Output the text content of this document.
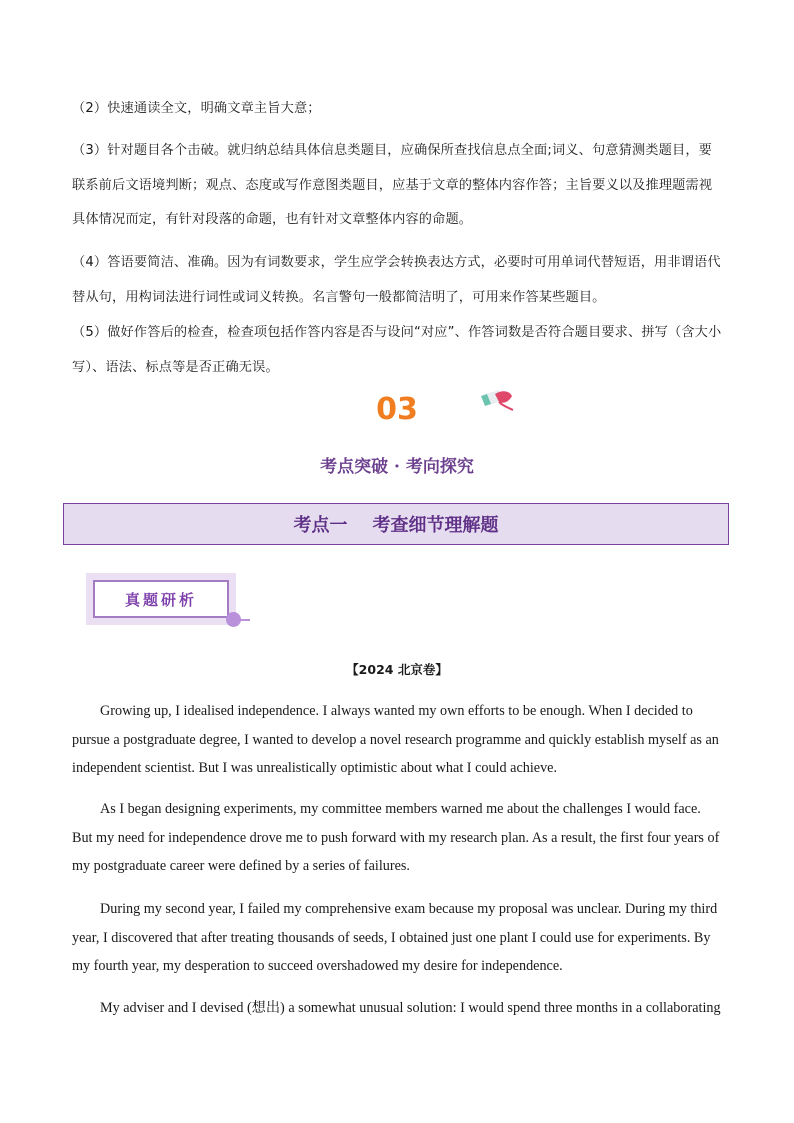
（2）快速通读全文，明确文章主旨大意；

（3）针对题目各个击破。就归纳总结具体信息类题目，应确保所查找信息点全面;词义、句意猜测类题目，要联系前后文语境判断；观点、态度或写作意图类题目，应基于文章的整体内容作答；主旨要义以及推理题需视具体情况而定，有针对段落的命题，也有针对文章整体内容的命题。

（4）答语要简洁、准确。因为有词数要求，学生应学会转换表达方式，必要时可用单词代替短语，用非谓语代替从句，用构词法进行词性或词义转换。名言警句一般都简洁明了，可用来作答某些题目。

（5）做好作答后的检查，检查项包括作答内容是否与设问“对应”、作答词数是否符合题目要求、拼写（含大小写）、语法、标点等是否正确无误。

03

考点突破 · 考向探究

考点一    考查细节理解题
真题研析

【2024 北京卷】

Growing up, I idealised independence. I always wanted my own efforts to be enough. When I decided to pursue a postgraduate degree, I wanted to develop a novel research programme and quickly establish myself as an independent scientist. But I was unrealistically optimistic about what I could achieve.

As I began designing experiments, my committee members warned me about the challenges I would face. But my need for independence drove me to push forward with my research plan. As a result, the first four years of my postgraduate career were defined by a series of failures.

During my second year, I failed my comprehensive exam because my proposal was unclear. During my third year, I discovered that after treating thousands of seeds, I obtained just one plant I could use for experiments. By my fourth year, my desperation to succeed overshadowed my desire for independence.

My adviser and I devised (想出) a somewhat unusual solution: I would spend three months in a collaborating
